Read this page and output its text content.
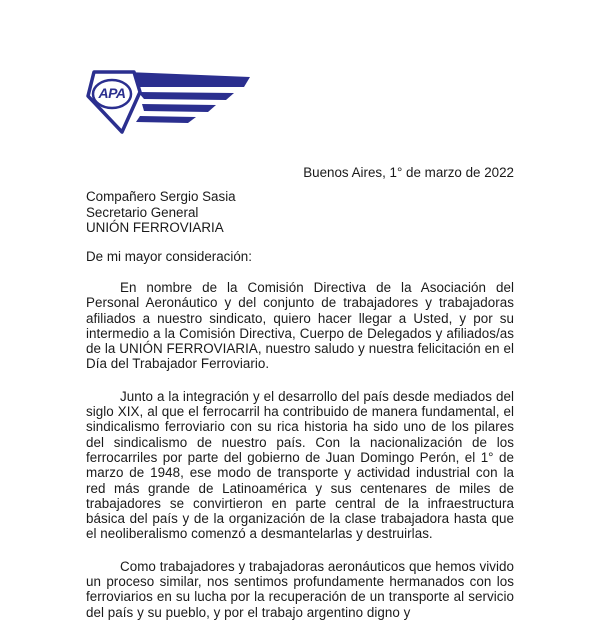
APA
Buenos Aires, 1° de marzo de 2022
Compañero Sergio Sasia
Secretario General
UNIÓN FERROVIARIA
De mi mayor consideración:

En nombre de la Comisión Directiva de la Asociación del Personal Aeronáutico y del conjunto de trabajadores y trabajadoras afiliados a nuestro sindicato, quiero hacer llegar a Usted, y por su intermedio a la Comisión Directiva, Cuerpo de Delegados y afiliados/as de la UNIÓN FERROVIARIA, nuestro saludo y nuestra felicitación en el Día del Trabajador Ferroviario.

Junto a la integración y el desarrollo del país desde mediados del siglo XIX, al que el ferrocarril ha contribuido de manera fundamental, el sindicalismo ferroviario con su rica historia ha sido uno de los pilares del sindicalismo de nuestro país. Con la nacionalización de los ferrocarriles por parte del gobierno de Juan Domingo Perón, el 1° de marzo de 1948, ese modo de transporte y actividad industrial con la red más grande de Latinoamérica y sus centenares de miles de trabajadores se convirtieron en parte central de la infraestructura básica del país y de la organización de la clase trabajadora hasta que el neoliberalismo comenzó a desmantelarlas y destruirlas.

Como trabajadores y trabajadoras aeronáuticos que hemos vivido un proceso similar, nos sentimos profundamente hermanados con los ferroviarios en su lucha por la recuperación de un transporte al servicio del país y su pueblo, y por el trabajo argentino digno y
